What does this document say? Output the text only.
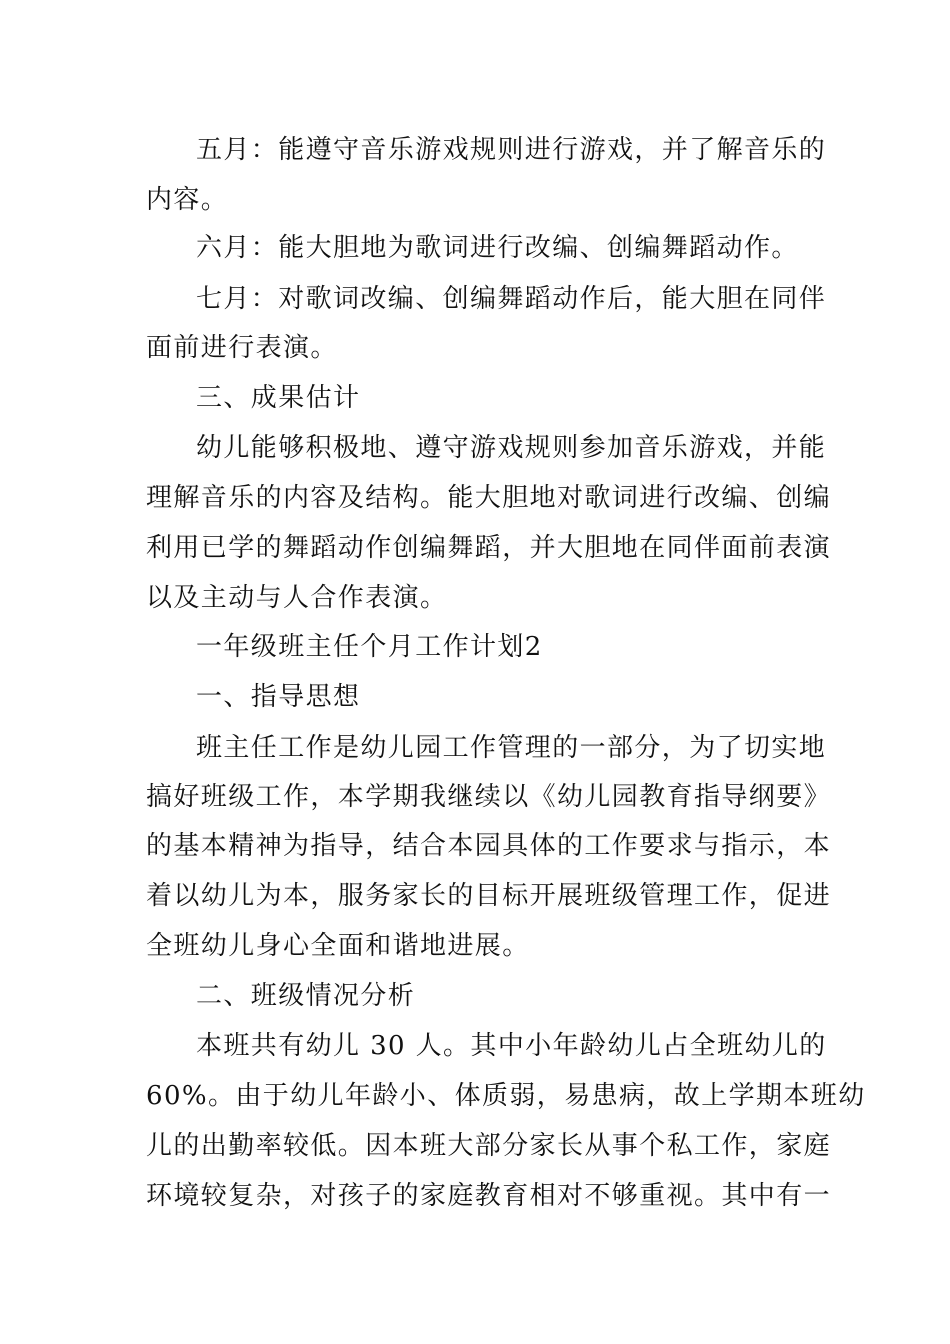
五月：能遵守音乐游戏规则进行游戏，并了解音乐的
内容。
六月：能大胆地为歌词进行改编、创编舞蹈动作。
七月：对歌词改编、创编舞蹈动作后，能大胆在同伴
面前进行表演。
三、成果估计
幼儿能够积极地、遵守游戏规则参加音乐游戏，并能
理解音乐的内容及结构。能大胆地对歌词进行改编、创编
利用已学的舞蹈动作创编舞蹈，并大胆地在同伴面前表演
以及主动与人合作表演。
一年级班主任个月工作计划2
一、指导思想
班主任工作是幼儿园工作管理的一部分，为了切实地
搞好班级工作，本学期我继续以《幼儿园教育指导纲要》
的基本精神为指导，结合本园具体的工作要求与指示，本
着以幼儿为本，服务家长的目标开展班级管理工作，促进
全班幼儿身心全面和谐地进展。
二、班级情况分析
本班共有幼儿 30 人。其中小年龄幼儿占全班幼儿的
60%。由于幼儿年龄小、体质弱，易患病，故上学期本班幼
儿的出勤率较低。因本班大部分家长从事个私工作，家庭
环境较复杂，对孩子的家庭教育相对不够重视。其中有一
